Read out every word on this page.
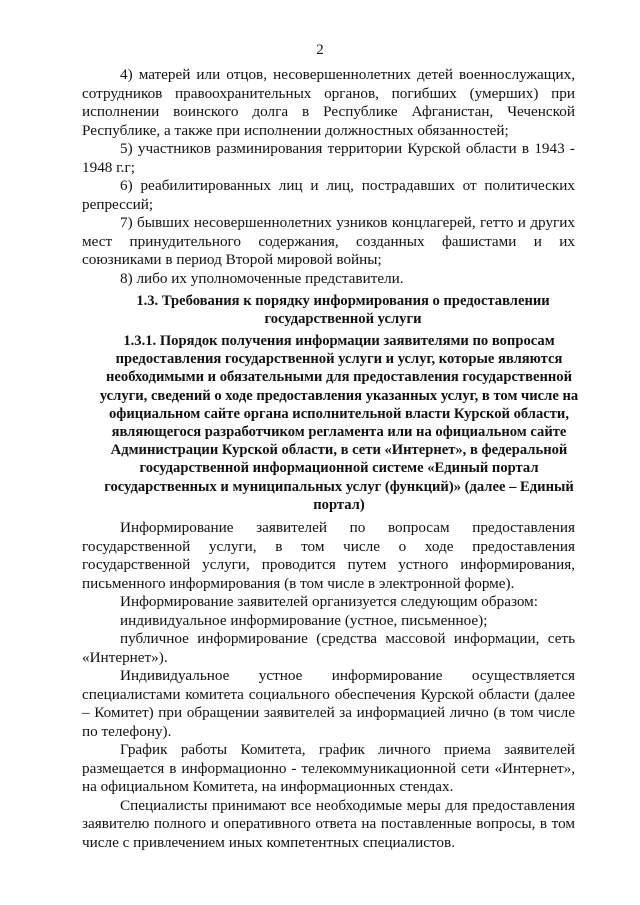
2

4) матерей или отцов, несовершеннолетних детей военнослужащих, сотрудников правоохранительных органов, погибших (умерших) при исполнении воинского долга в Республике Афганистан, Чеченской Республике, а также при исполнении должностных обязанностей;

5) участников разминирования территории Курской области в 1943 - 1948 г.г;

6) реабилитированных лиц и лиц, пострадавших от политических репрессий;

7) бывших несовершеннолетних узников концлагерей, гетто и других мест принудительного содержания, созданных фашистами и их союзниками в период Второй мировой войны;

8) либо их уполномоченные представители.

1.3. Требования к порядку информирования о предоставлении государственной услуги

1.3.1. Порядок получения информации заявителями по вопросам предоставления государственной услуги и услуг, которые являются необходимыми и обязательными для предоставления государственной услуги, сведений о ходе предоставления указанных услуг, в том числе на официальном сайте органа исполнительной власти Курской области, являющегося разработчиком регламента или на официальном сайте Администрации Курской области, в сети «Интернет», в федеральной государственной информационной системе «Единый портал государственных и муниципальных услуг (функций)» (далее – Единый портал)

Информирование заявителей по вопросам предоставления государственной услуги, в том числе о ходе предоставления государственной услуги, проводится путем устного информирования, письменного информирования (в том числе в электронной форме).

Информирование заявителей организуется следующим образом:

индивидуальное информирование (устное, письменное);

публичное информирование (средства массовой информации, сеть «Интернет»).

Индивидуальное устное информирование осуществляется специалистами комитета социального обеспечения Курской области (далее – Комитет) при обращении заявителей за информацией лично (в том числе по телефону).

График работы Комитета, график личного приема заявителей размещается в информационно - телекоммуникационной сети «Интернет», на официальном Комитета, на информационных стендах.

Специалисты принимают все необходимые меры для предоставления заявителю полного и оперативного ответа на поставленные вопросы, в том числе с привлечением иных компетентных специалистов.
